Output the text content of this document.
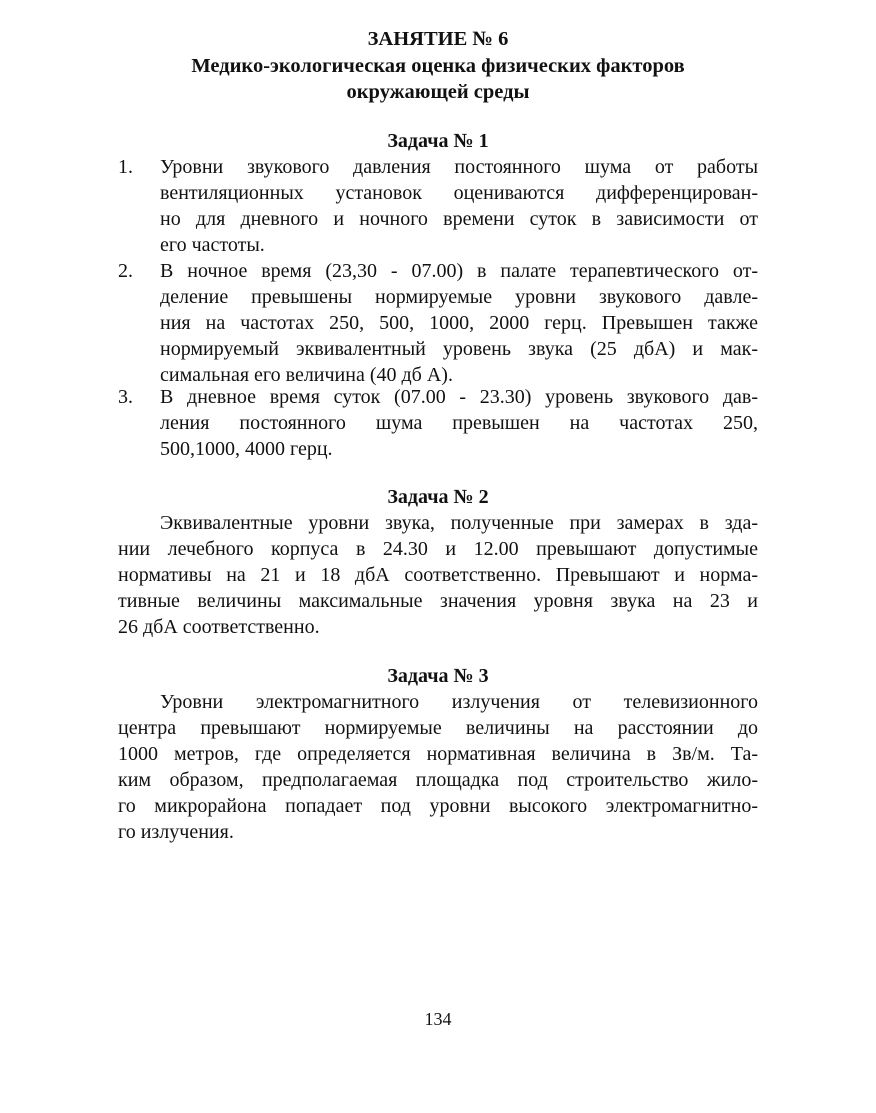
ЗАНЯТИЕ № 6
Медико-экологическая оценка физических факторов
окружающей среды
Задача № 1
1. Уровни звукового давления постоянного шума от работы
вентиляционных установок оцениваются дифференцирован-
но для дневного и ночного времени суток в зависимости от
его частоты.
2. В ночное время (23,30 - 07.00) в палате терапевтического от-
деление превышены нормируемые уровни звукового давле-
ния на частотах 250, 500, 1000, 2000 герц. Превышен также
нормируемый эквивалентный уровень звука (25 дбА) и мак-
симальная его величина (40 дб А).
3. В дневное время суток (07.00 - 23.30) уровень звукового дав-
ления постоянного шума превышен на частотах 250,
500,1000, 4000 герц.
Задача № 2
Эквивалентные уровни звука, полученные при замерах в зда-
нии лечебного корпуса в 24.30 и 12.00 превышают допустимые
нормативы на 21 и 18 дбА соответственно. Превышают и норма-
тивные величины максимальные значения уровня звука на 23 и
26 дбА соответственно.
Задача № 3
Уровни электромагнитного излучения от телевизионного
центра превышают нормируемые величины на расстоянии до
1000 метров, где определяется нормативная величина в Зв/м. Та-
ким образом, предполагаемая площадка под строительство жило-
го микрорайона попадает под уровни высокого электромагнитно-
го излучения.
134
